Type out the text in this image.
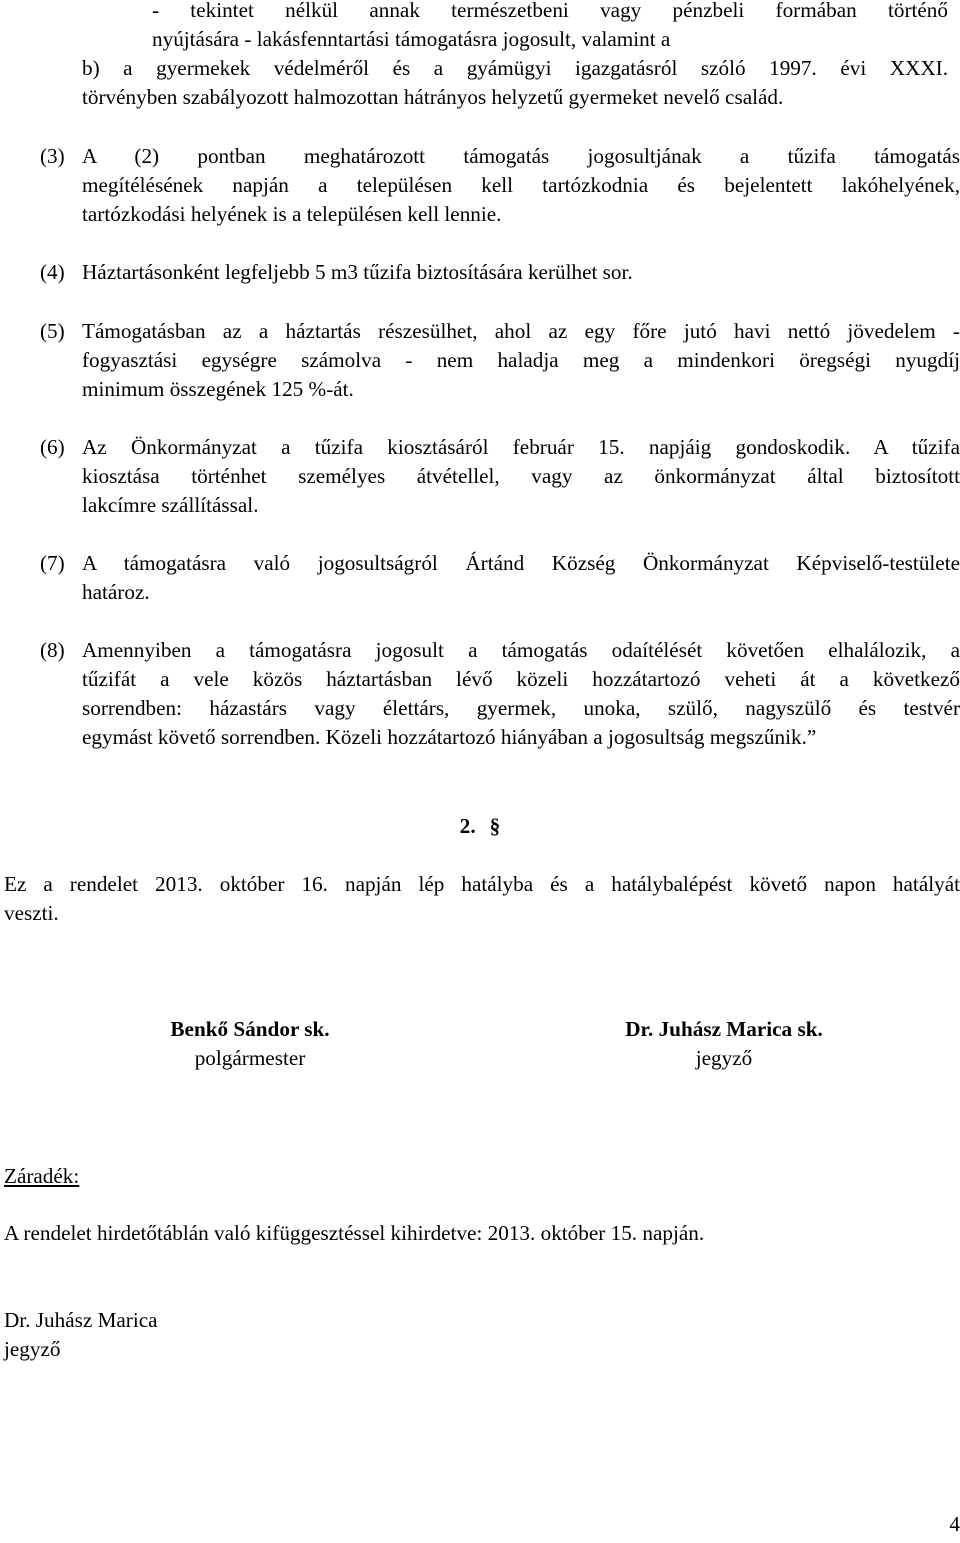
- tekintet nélkül annak természetbeni vagy pénzbeli formában történő
nyújtására - lakásfenntartási támogatásra jogosult, valamint a
b) a gyermekek védelméről és a gyámügyi igazgatásról szóló 1997. évi XXXI.
törvényben szabályozott halmozottan hátrányos helyzetű gyermeket nevelő család.
(3) A (2) pontban meghatározott támogatás jogosultjának a tűzifa támogatás
megítélésének napján a településen kell tartózkodnia és bejelentett lakóhelyének,
tartózkodási helyének is a településen kell lennie.
(4) Háztartásonként legfeljebb 5 m3 tűzifa biztosítására kerülhet sor.
(5) Támogatásban az a háztartás részesülhet, ahol az egy főre jutó havi nettó jövedelem -
fogyasztási egységre számolva - nem haladja meg a mindenkori öregségi nyugdíj
minimum összegének 125 %-át.
(6) Az Önkormányzat a tűzifa kiosztásáról február 15. napjáig gondoskodik. A tűzifa
kiosztása történhet személyes átvétellel, vagy az önkormányzat által biztosított
lakcímre szállítással.
(7) A támogatásra való jogosultságról Ártánd Község Önkormányzat Képviselő-testülete
határoz.
(8) Amennyiben a támogatásra jogosult a támogatás odaítélését követően elhalálozik, a
tűzifát a vele közös háztartásban lévő közeli hozzátartozó veheti át a következő
sorrendben: házastárs vagy élettárs, gyermek, unoka, szülő, nagyszülő és testvér
egymást követő sorrendben. Közeli hozzátartozó hiányában a jogosultság megszűnik.”
2. §
Ez a rendelet 2013. október 16. napján lép hatályba és a hatálybalépést követő napon hatályát
veszti.
Benkő Sándor sk.
polgármester
Dr. Juhász Marica sk.
jegyző
Záradék:
A rendelet hirdetőtáblán való kifüggesztéssel kihirdetve: 2013. október 15. napján.
Dr. Juhász Marica
jegyző
4
